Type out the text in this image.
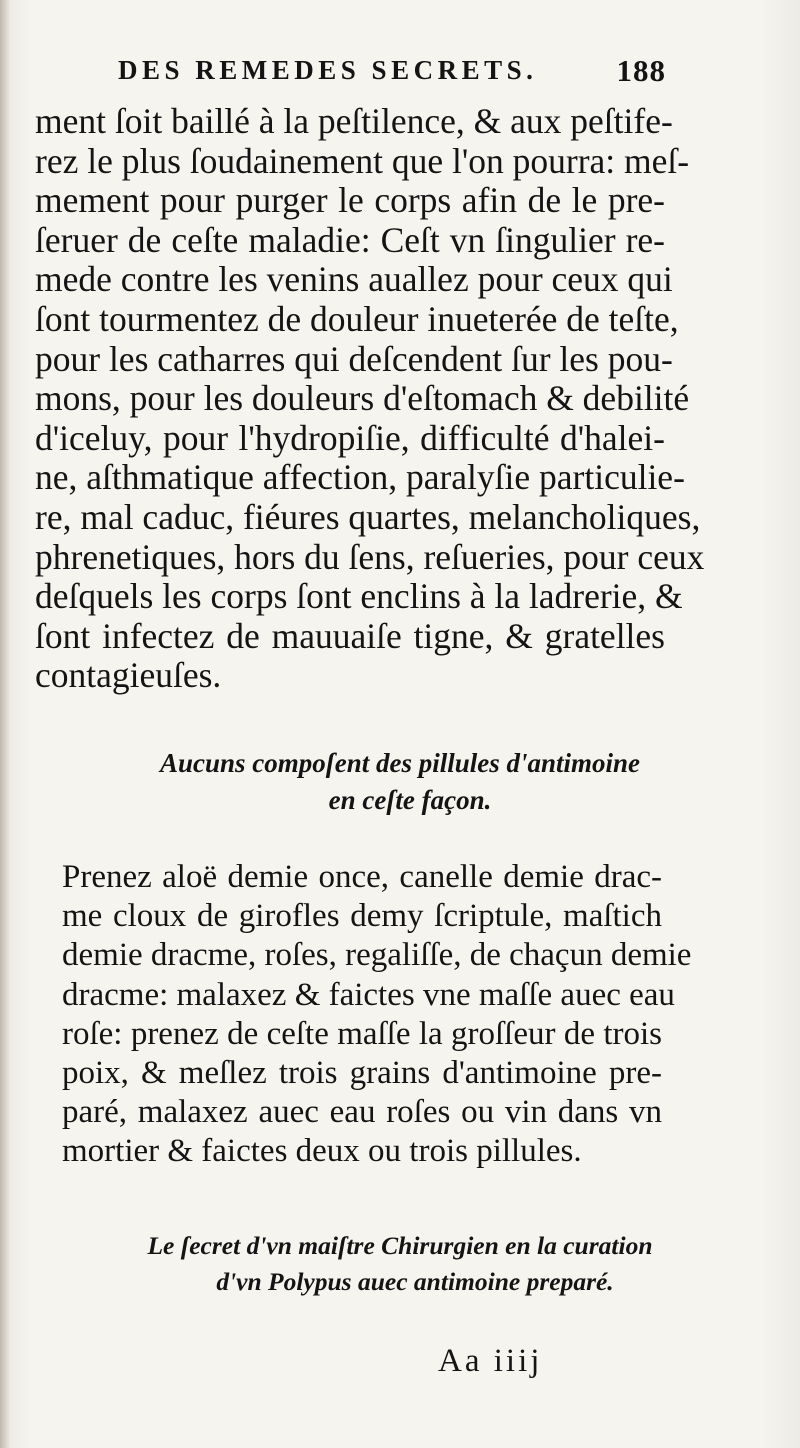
DES REMEDES SECRETS.	188
ment ſoit baillé à la peſtilence, & aux peſtife-
rez le plus ſoudainement que l'on pourra: meſ-
mement pour purger le corps afin de le pre-
ſeruer de ceſte maladie: Ceſt vn ſingulier re-
mede contre les venins auallez pour ceux qui
ſont tourmentez de douleur inueterée de teſte,
pour les catharres qui deſcendent ſur les pou-
mons, pour les douleurs d'eſtomach & debilité
d'iceluy, pour l'hydropiſie, difficulté d'halei-
ne, aſthmatique affection, paralyſie particulie-
re, mal caduc, fiéures quartes, melancholiques,
phrenetiques, hors du ſens, reſueries, pour ceux
deſquels les corps ſont enclins à la ladrerie, &
ſont infectez de mauuaiſe tigne, & gratelles
contagieuſes.
Aucuns compoſent des pillules d'antimoine
en ceſte façon.
Prenez aloë demie once, canelle demie drac-
me cloux de girofles demy ſcriptule, maſtich
demie dracme, roſes, regaliſſe, de chaçun demie
dracme: malaxez & faictes vne maſſe auec eau
roſe: prenez de ceſte maſſe la groſſeur de trois
poix, & meſlez trois grains d'antimoine pre-
paré, malaxez auec eau roſes ou vin dans vn
mortier & faictes deux ou trois pillules.
Le ſecret d'vn maiſtre Chirurgien en la curation
d'vn Polypus auec antimoine preparé.
Aa iiij
